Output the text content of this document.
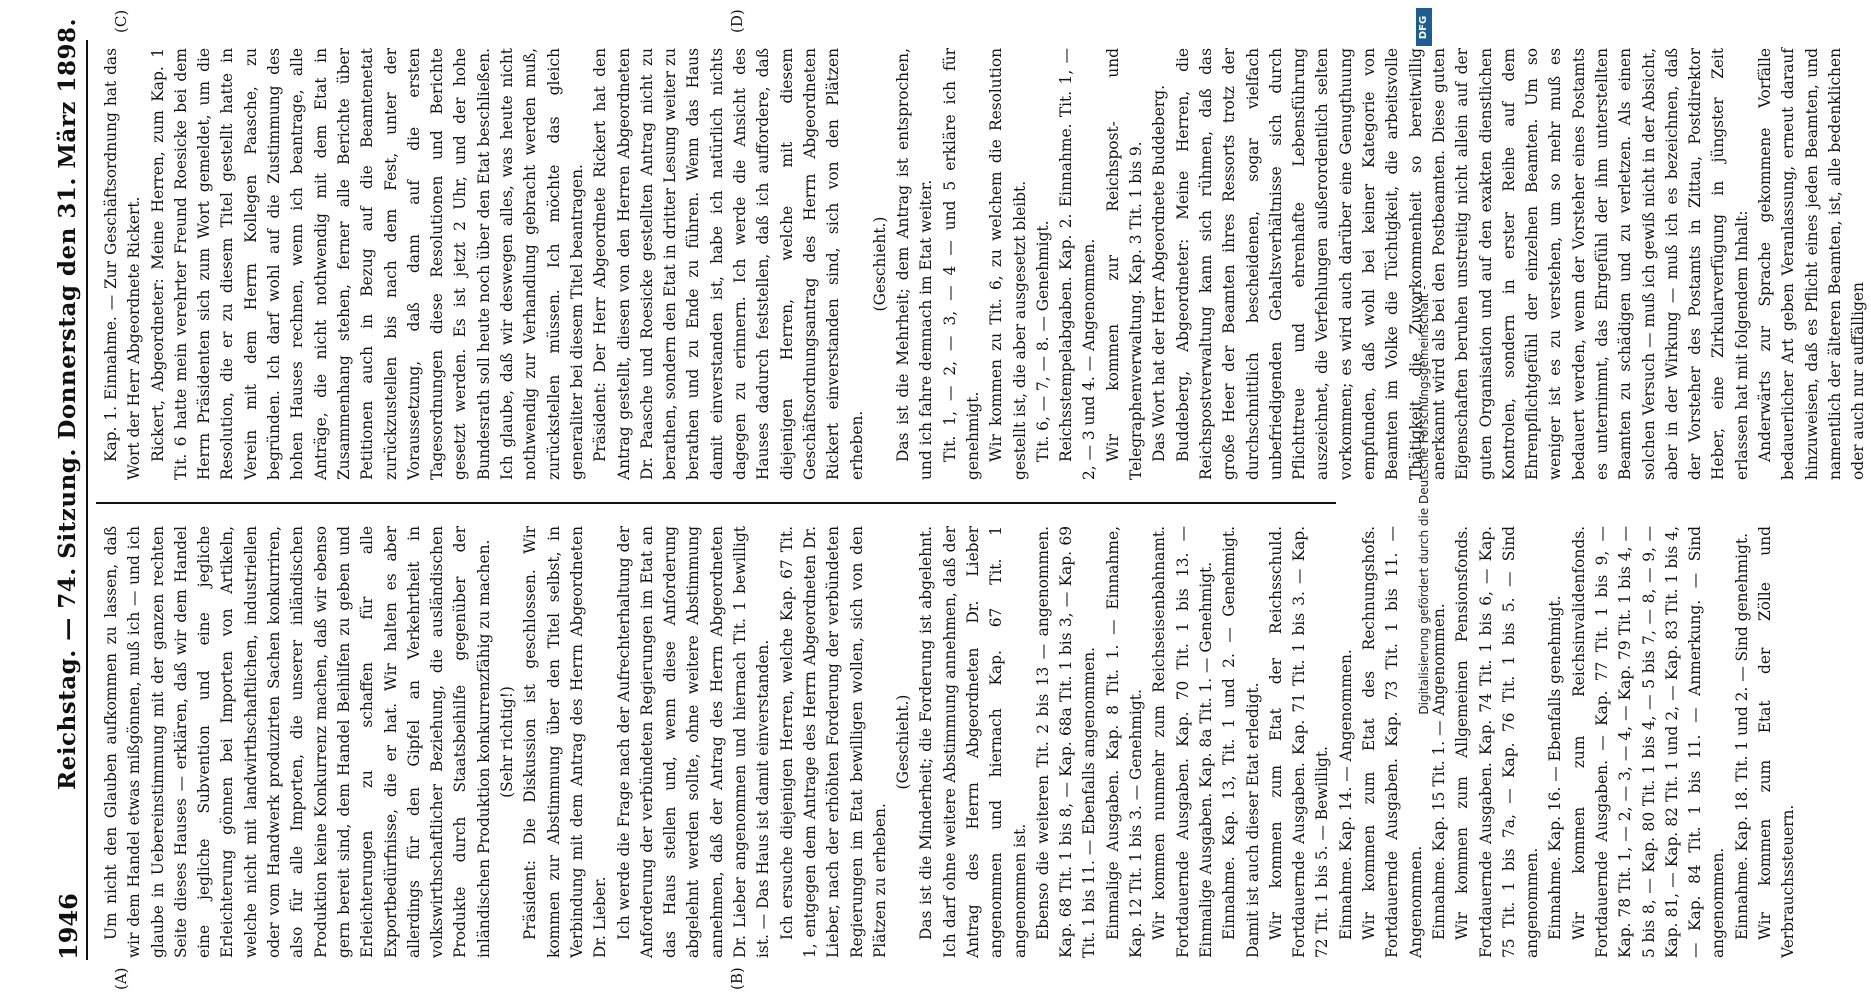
1946
Reichstag. — 74. Sitzung. Donnerstag den 31. März 1898.
(A)	(B)
(C)	(D)

Um nicht den Glauben aufkommen zu lassen, daß wir dem Handel etwas mißgönnen, muß ich — und ich glaube in Uebereinstimmung mit der ganzen rechten Seite dieses Hauses — erklären, daß wir dem Handel eine jegliche Subvention und eine jegliche Erleichterung gönnen bei Importen von Artikeln, welche nicht mit landwirthschaftlichen, industriellen oder vom Handwerk produzirten Sachen konkurriren, also für alle Importen, die unserer inländischen Produktion keine Konkurrenz machen, daß wir ebenso gern bereit sind, dem Handel Beihilfen zu geben und Erleichterungen zu schaffen für alle Exportbedürfnisse, die er hat. Wir halten es aber allerdings für den Gipfel an Verkehrtheit in volkswirthschaftlicher Beziehung, die ausländischen Produkte durch Staatsbeihilfe gegenüber der inländischen Produktion konkurrenzfähig zu machen. (Sehr richtig!) Präsident: Die Diskussion ist geschlossen. Wir kommen zur Abstimmung über den Titel selbst, in Verbindung mit dem Antrag des Herrn Abgeordneten Dr. Lieber. Ich werde die Frage nach der Aufrechterhaltung der Anforderung der verbündeten Regierungen im Etat an das Haus stellen und, wenn diese Anforderung abgelehnt werden sollte, ohne weitere Abstimmung annehmen, daß der Antrag des Herrn Abgeordneten Dr. Lieber angenommen und hiernach Tit. 1 bewilligt ist. — Das Haus ist damit einverstanden. Ich ersuche diejenigen Herren, welche Kap. 67 Tit. 1, entgegen dem Antrage des Herrn Abgeordneten Dr. Lieber, nach der erhöhten Forderung der verbündeten Regierungen im Etat bewilligen wollen, sich von den Plätzen zu erheben.

(Geschieht.) Das ist die Minderheit; die Forderung ist abgelehnt. Ich darf ohne weitere Abstimmung annehmen, daß der Antrag des Herrn Abgeordneten Dr. Lieber angenommen und hiernach Kap. 67 Tit. 1 angenommen ist. Ebenso die weiteren Tit. 2 bis 13 — angenommen. Kap. 68 Tit. 1 bis 8, — Kap. 68a Tit. 1 bis 3, — Kap. 69 Tit. 1 bis 11. — Ebenfalls angenommen. Einmalige Ausgaben. Kap. 8 Tit. 1. — Einnahme, Kap. 12 Tit. 1 bis 3. — Genehmigt. Wir kommen nunmehr zum Reichseisenbahnamt. Fortdauernde Ausgaben. Kap. 70 Tit. 1 bis 13. — Einmalige Ausgaben. Kap. 8a Tit. 1. — Genehmigt. Einnahme. Kap. 13, Tit. 1 und 2. — Genehmigt. Damit ist auch dieser Etat erledigt. Wir kommen zum Etat der Reichsschuld. Fortdauernde Ausgaben. Kap. 71 Tit. 1 bis 3. — Kap. 72 Tit. 1 bis 5. — Bewilligt. Einnahme. Kap. 14. — Angenommen. Wir kommen zum Etat des Rechnungshofs. Fortdauernde Ausgaben. Kap. 73 Tit. 1 bis 11. — Angenommen. Einnahme. Kap. 15 Tit. 1. — Angenommen. Wir kommen zum Allgemeinen Pensionsfonds. Fortdauernde Ausgaben. Kap. 74 Tit. 1 bis 6, — Kap. 75 Tit. 1 bis 7a, — Kap. 76 Tit. 1 bis 5. — Sind angenommen. Einnahme. Kap. 16. — Ebenfalls genehmigt. Wir kommen zum Reichsinvalidenfonds. Fortdauernde Ausgaben. — Kap. 77 Tit. 1 bis 9, — Kap. 78 Tit. 1, — 2, — 3, — 4, — Kap. 79 Tit. 1 bis 4, — 5 bis 8, — Kap. 80 Tit. 1 bis 4, — 5 bis 7, — 8, — 9, — Kap. 81, — Kap. 82 Tit. 1 und 2, — Kap. 83 Tit. 1 bis 4, — Kap. 84 Tit. 1 bis 11. — Anmerkung. — Sind angenommen. Einnahme. Kap. 18. Tit. 1 und 2. — Sind genehmigt. Wir kommen zum Etat der Zölle und Verbrauchssteuern.

Kap. 1. Einnahme. — Zur Geschäftsordnung hat das Wort der Herr Abgeordnete Rickert. Rickert, Abgeordneter: Meine Herren, zum Kap. 1 Tit. 6 hatte mein verehrter Freund Roesicke bei dem Herrn Präsidenten sich zum Wort gemeldet, um die Resolution, die er zu diesem Titel gestellt hatte in Verein mit dem Herrn Kollegen Paasche, zu begründen. Ich darf wohl auf die Zustimmung des hohen Hauses rechnen, wenn ich beantrage, alle Anträge, die nicht nothwendig mit dem Etat in Zusammenhang stehen, ferner alle Berichte über Petitionen auch in Bezug auf die Beamtenetat zurückzustellen bis nach dem Fest, unter der Voraussetzung, daß dann auf die ersten Tagesordnungen diese Resolutionen und Berichte gesetzt werden. Es ist jetzt 2 Uhr, und der hohe Bundesrath soll heute noch über den Etat beschließen. Ich glaube, daß wir deswegen alles, was heute nicht nothwendig zur Verhandlung gebracht werden muß, zurückstellen müssen. Ich möchte das gleich generaliter bei diesem Titel beantragen. Präsident: Der Herr Abgeordnete Rickert hat den Antrag gestellt, diesen von den Herren Abgeordneten Dr. Paasche und Roesicke gestellten Antrag nicht zu berathen, sondern den Etat in dritter Lesung weiter zu berathen und zu Ende zu führen. Wenn das Haus damit einverstanden ist, habe ich natürlich nichts dagegen zu erinnern. Ich werde die Ansicht des Hauses dadurch feststellen, daß ich auffordere, daß diejenigen Herren, welche mit diesem Geschäftsordnungsantrag des Herrn Abgeordneten Rickert einverstanden sind, sich von den Plätzen erheben.

(Geschieht.) Das ist die Mehrheit; dem Antrag ist entsprochen, und ich fahre demnach im Etat weiter. Tit. 1, — 2, — 3, — 4 — und 5 erkläre ich für genehmigt. Wir kommen zu Tit. 6, zu welchem die Resolution gestellt ist, die aber ausgesetzt bleibt. Tit. 6, — 7, — 8. — Genehmigt. Reichsstempelabgaben. Kap. 2. Einnahme. Tit. 1, — 2, — 3 und 4. — Angenommen. Wir kommen zur Reichspost- und Telegraphenverwaltung. Kap. 3 Tit. 1 bis 9. Das Wort hat der Herr Abgeordnete Buddeberg. Buddeberg, Abgeordneter: Meine Herren, die Reichspostverwaltung kann sich rühmen, daß das große Heer der Beamten ihres Ressorts trotz der durchschnittlich bescheidenen, sogar vielfach unbefriedigenden Gehaltsverhältnisse sich durch Pflichttreue und ehrenhafte Lebensführung auszeichnet, die Verfehlungen außerordentlich selten vorkommen; es wird auch darüber eine Genugthuung empfunden, daß wohl bei keiner Kategorie von Beamten im Volke die Tüchtigkeit, die arbeitsvolle Thätigkeit, die Zuvorkommenheit so bereitwillig anerkannt wird als bei den Postbeamten. Diese guten Eigenschaften beruhen unstreitig nicht allein auf der guten Organisation und auf den exakten dienstlichen Kontrolen, sondern in erster Reihe auf dem Ehrenpflichtgefühl der einzelnen Beamten. Um so weniger ist es zu verstehen, um so mehr muß es bedauert werden, wenn der Vorsteher eines Postamts es unternimmt, das Ehrgefühl der ihm unterstellten Beamten zu schädigen und zu verletzen. Als einen solchen Versuch — muß ich gewiß nicht in der Absicht, aber in der Wirkung — muß ich es bezeichnen, daß der Vorsteher des Postamts in Zittau, Postdirektor Heber, eine Zirkularverfügung in jüngster Zeit erlassen hat mit folgendem Inhalt: Anderwärts zur Sprache gekommene Vorfälle bedauerlicher Art geben Veranlassung, erneut darauf hinzuweisen, daß es Pflicht eines jeden Beamten, und namentlich der älteren Beamten, ist, alle bedenklichen oder auch nur auffälligen

Digitalisierung gefördert durch die Deutsche Forschungsgemeinschaft -
DFG
